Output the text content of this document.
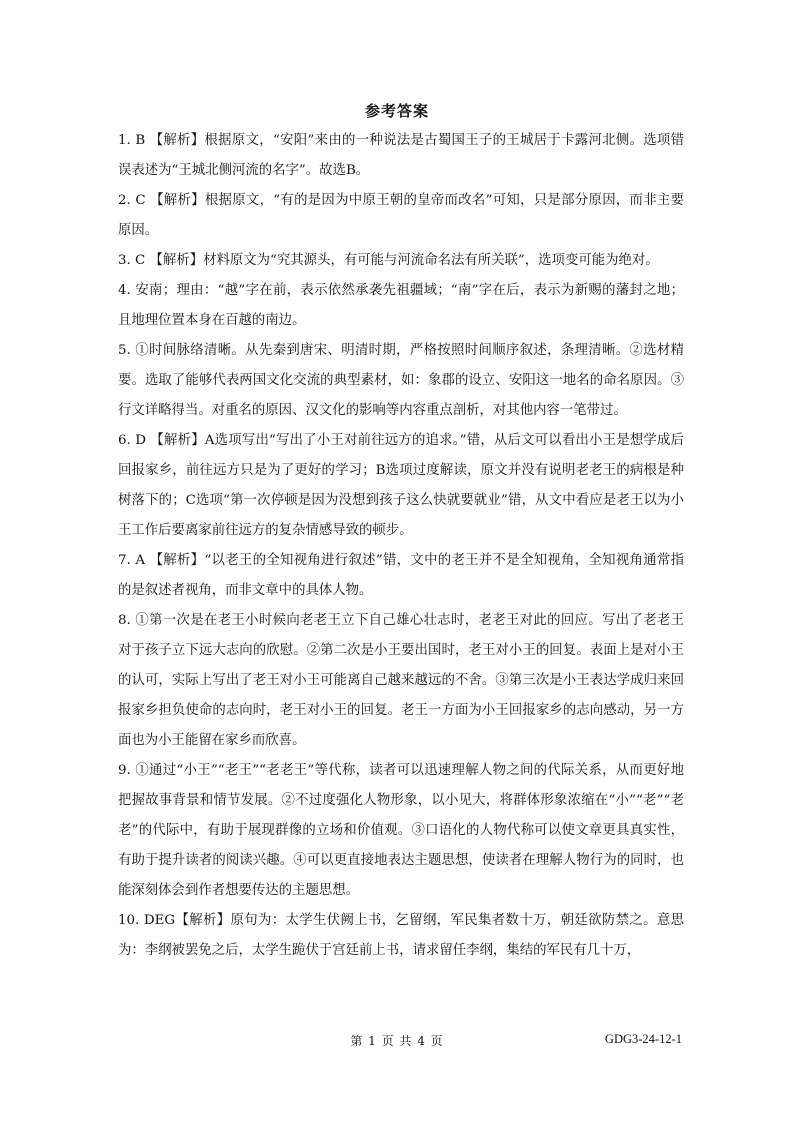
参考答案

1. B 【解析】根据原文，“安阳”来由的一种说法是古蜀国王子的王城居于卡露河北侧。选项错误表述为“王城北侧河流的名字”。故选B。

2. C 【解析】根据原文，“有的是因为中原王朝的皇帝而改名”可知，只是部分原因，而非主要原因。

3. C 【解析】材料原文为“究其源头，有可能与河流命名法有所关联”，选项变可能为绝对。

4. 安南；理由：“越”字在前，表示依然承袭先祖疆域；“南”字在后，表示为新赐的藩封之地；且地理位置本身在百越的南边。

5. ①时间脉络清晰。从先秦到唐宋、明清时期，严格按照时间顺序叙述，条理清晰。②选材精要。选取了能够代表两国文化交流的典型素材，如：象郡的设立、安阳这一地名的命名原因。③行文详略得当。对重名的原因、汉文化的影响等内容重点剖析，对其他内容一笔带过。

6. D 【解析】A选项写出“写出了小王对前往远方的追求。”错，从后文可以看出小王是想学成后回报家乡，前往远方只是为了更好的学习；B选项过度解读，原文并没有说明老老王的病根是种树落下的；C选项“第一次停顿是因为没想到孩子这么快就要就业”错，从文中看应是老王以为小王工作后要离家前往远方的复杂情感导致的顿步。

7. A 【解析】“以老王的全知视角进行叙述”错，文中的老王并不是全知视角，全知视角通常指的是叙述者视角，而非文章中的具体人物。

8. ①第一次是在老王小时候向老老王立下自己雄心壮志时，老老王对此的回应。写出了老老王对于孩子立下远大志向的欣慰。②第二次是小王要出国时，老王对小王的回复。表面上是对小王的认可，实际上写出了老王对小王可能离自己越来越远的不舍。③第三次是小王表达学成归来回报家乡担负使命的志向时，老王对小王的回复。老王一方面为小王回报家乡的志向感动，另一方面也为小王能留在家乡而欣喜。

9. ①通过“小王”“老王”“老老王”等代称，读者可以迅速理解人物之间的代际关系，从而更好地把握故事背景和情节发展。②不过度强化人物形象，以小见大，将群体形象浓缩在“小”“老”“老老”的代际中，有助于展现群像的立场和价值观。③口语化的人物代称可以使文章更具真实性，有助于提升读者的阅读兴趣。④可以更直接地表达主题思想，使读者在理解人物行为的同时，也能深刻体会到作者想要传达的主题思想。

10. DEG【解析】原句为：太学生伏阙上书，乞留纲，军民集者数十万，朝廷欲防禁之。意思为：李纲被罢免之后，太学生跪伏于宫廷前上书，请求留任李纲，集结的军民有几十万，

第 1 页 共 4 页	GDG3-24-12-1
